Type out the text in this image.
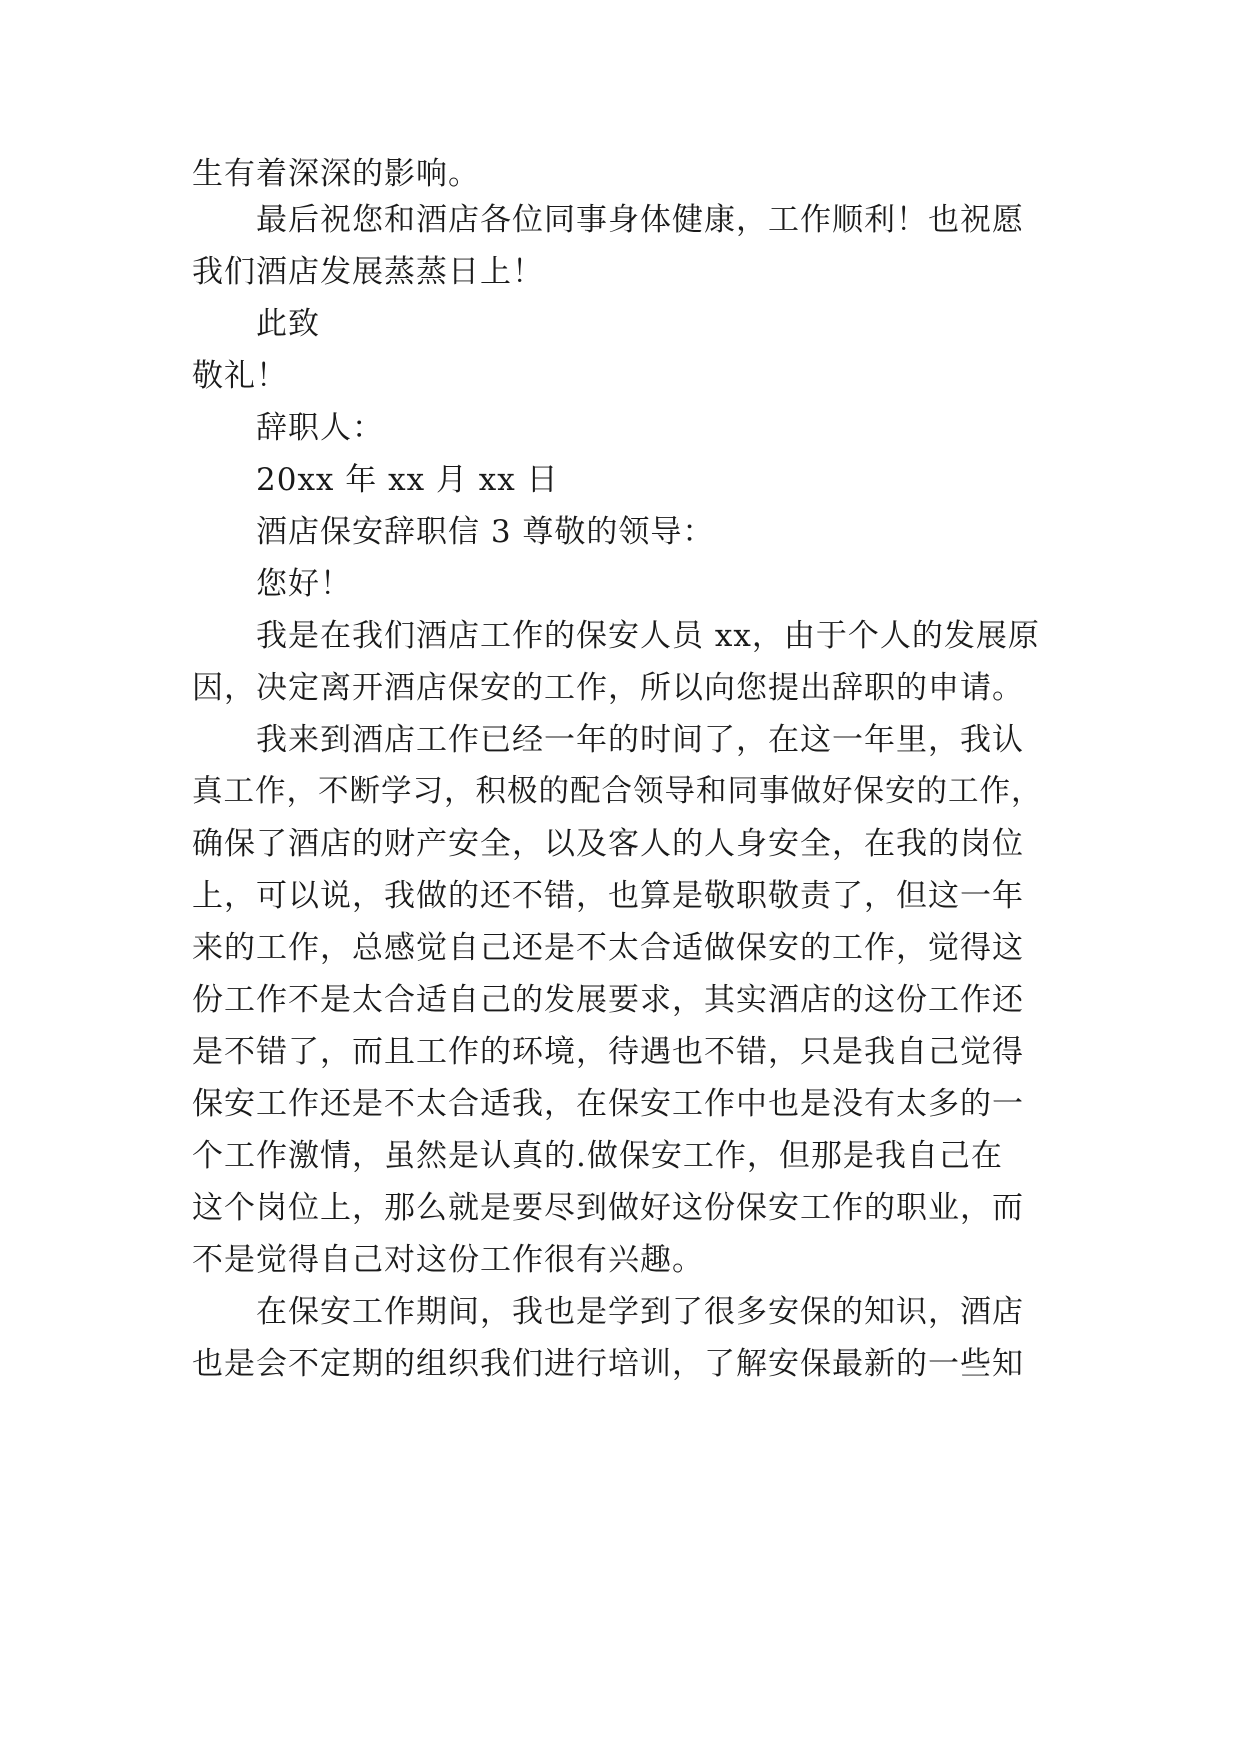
生有着深深的影响。
最后祝您和酒店各位同事身体健康，工作顺利！也祝愿
我们酒店发展蒸蒸日上！
此致
敬礼！
辞职人：
20xx 年 xx 月 xx 日
酒店保安辞职信 3 尊敬的领导：
您好！
我是在我们酒店工作的保安人员 xx，由于个人的发展原
因，决定离开酒店保安的工作，所以向您提出辞职的申请。
我来到酒店工作已经一年的时间了，在这一年里，我认
真工作，不断学习，积极的配合领导和同事做好保安的工作，
确保了酒店的财产安全，以及客人的人身安全，在我的岗位
上，可以说，我做的还不错，也算是敬职敬责了，但这一年
来的工作，总感觉自己还是不太合适做保安的工作，觉得这
份工作不是太合适自己的发展要求，其实酒店的这份工作还
是不错了，而且工作的环境，待遇也不错，只是我自己觉得
保安工作还是不太合适我，在保安工作中也是没有太多的一
个工作激情，虽然是认真的.做保安工作，但那是我自己在
这个岗位上，那么就是要尽到做好这份保安工作的职业，而
不是觉得自己对这份工作很有兴趣。
在保安工作期间，我也是学到了很多安保的知识，酒店
也是会不定期的组织我们进行培训，了解安保最新的一些知
